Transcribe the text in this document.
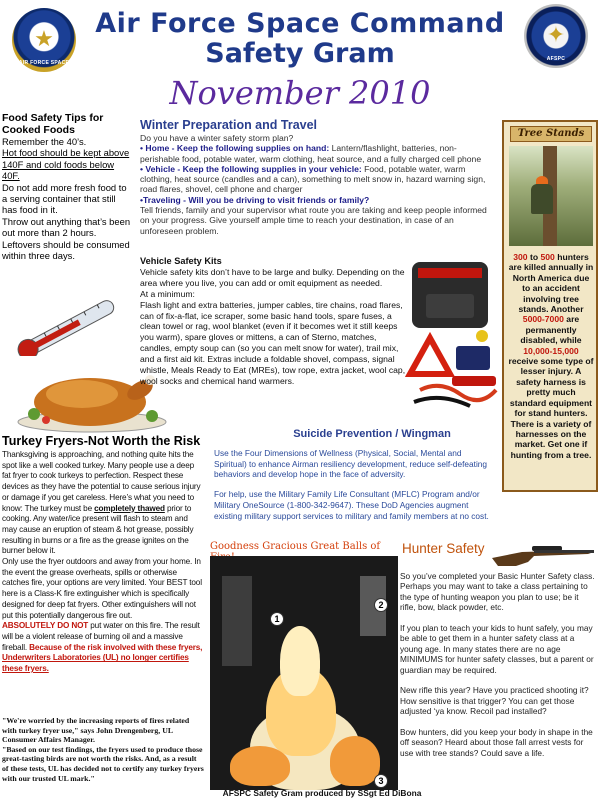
★
AIR FORCE SPACE
Air Force Space Command
Safety Gram
✦
AFSPC
November 2010
Food Safety Tips for Cooked Foods
Remember the 40’s.
Hot food should be kept above 140F and cold foods below 40F.
Do not add more fresh food to a serving container that still has food in it.
Throw out anything that’s been out more than 2 hours.
Leftovers should be consumed within three days.
Winter Preparation and Travel
Do you have a winter safety storm plan?
• Home - Keep the following supplies on hand: Lantern/flashlight, batteries, non-perishable food, potable water, warm clothing, heat source, and a fully charged cell phone
• Vehicle - Keep the following supplies in your vehicle: Food, potable water, warm clothing, heat source (candles and a can), something to melt snow in, hazard warning sign, road flares, shovel, cell phone and charger
•Traveling - Will you be driving to visit friends or family?
Tell friends, family and your supervisor what route you are taking and keep people informed on your progress. Give yourself ample time to reach your destination, in case of an unforeseen problem.
Vehicle Safety Kits
Vehicle safety kits don’t have to be large and bulky. Depending on the area where you live, you can add or omit equipment as needed.
At a minimum:
Flash light and extra batteries, jumper cables, tire chains, road flares, can of fix-a-flat, ice scraper, some basic hand tools, spare fuses, a clean towel or rag, wool blanket (even if it becomes wet it still keeps you warm), spare gloves or mittens, a can of Sterno, matches, candles, empty soup can (so you can melt snow for water), trail mix, and a first aid kit. Extras include a foldable shovel, compass, signal whistle, Meals Ready to Eat (MREs), tow rope, extra jacket, wool cap, wool socks and chemical hand warmers.
Tree Stands
300 to 500 hunters are killed annually in North America due to an accident involving tree stands. Another 5000-7000 are permanently disabled, while 10,000-15,000 receive some type of lesser injury. A safety harness is pretty much standard equipment for stand hunters. There is a variety of harnesses on the market. Get one if hunting from a tree.
Turkey Fryers-Not Worth the Risk
Thanksgiving is approaching, and nothing quite hits the spot like a well cooked turkey. Many people use a deep fat fryer to cook turkeys to perfection. Respect these devices as they have the potential to cause serious injury or damage if you get careless. Here’s what you need to know: The turkey must be completely thawed prior to cooking. Any water/ice present will flash to steam and may cause an eruption of steam & hot grease, possibly resulting in burns or a fire as the grease ignites on the burner below it.
Only use the fryer outdoors and away from your home. In the event the grease overheats, spills or otherwise catches fire, your options are very limited. Your BEST tool here is a Class-K fire extinguisher which is specifically designed for deep fat fryers. Other extinguishers will not put this potentially dangerous fire out.
ABSOLUTELY DO NOT put water on this fire. The result will be a violent release of burning oil and a massive fireball. Because of the risk involved with these fryers, Underwriters Laboratories (UL) no longer certifies these fryers.
"We're worried by the increasing reports of fires related with turkey fryer use," says John Drengenberg, UL Consumer Affairs Manager.
"Based on our test findings, the fryers used to produce those great-tasting birds are not worth the risks. And, as a result of these tests, UL has decided not to certify any turkey fryers with our trusted UL mark."
Suicide Prevention / Wingman

Use the Four Dimensions of Wellness (Physical, Social, Mental and Spiritual) to enhance Airman resiliency development, reduce self-defeating behaviors and develop hope in the face of adversity.

For help, use the Military Family Life Consultant (MFLC) Program and/or Military OneSource (1-800-342-9647). These DoD Agencies augment existing military support services to military and family members at no cost.

Goodness Gracious Great Balls of
1
2
3
Hunter Safety

So you’ve completed your Basic Hunter Safety class. Perhaps you may want to take a class pertaining to the type of hunting weapon you plan to use; be it rifle, bow, black powder, etc.

If you plan to teach your kids to hunt safely, you may be able to get them in a hunter safety class at a young age. In many states there are no age MINIMUMS for hunter safety classes, but a parent or guardian may be required.

New rifle this year? Have you practiced shooting it? How sensitive is that trigger? You can get those adjusted ‘ya know. Recoil pad installed?

Bow hunters, did you keep your body in shape in the off season? Heard about those fall arrest vests for use with tree stands? Could save a life.

AFSPC Safety Gram produced by SSgt Ed DiBona
